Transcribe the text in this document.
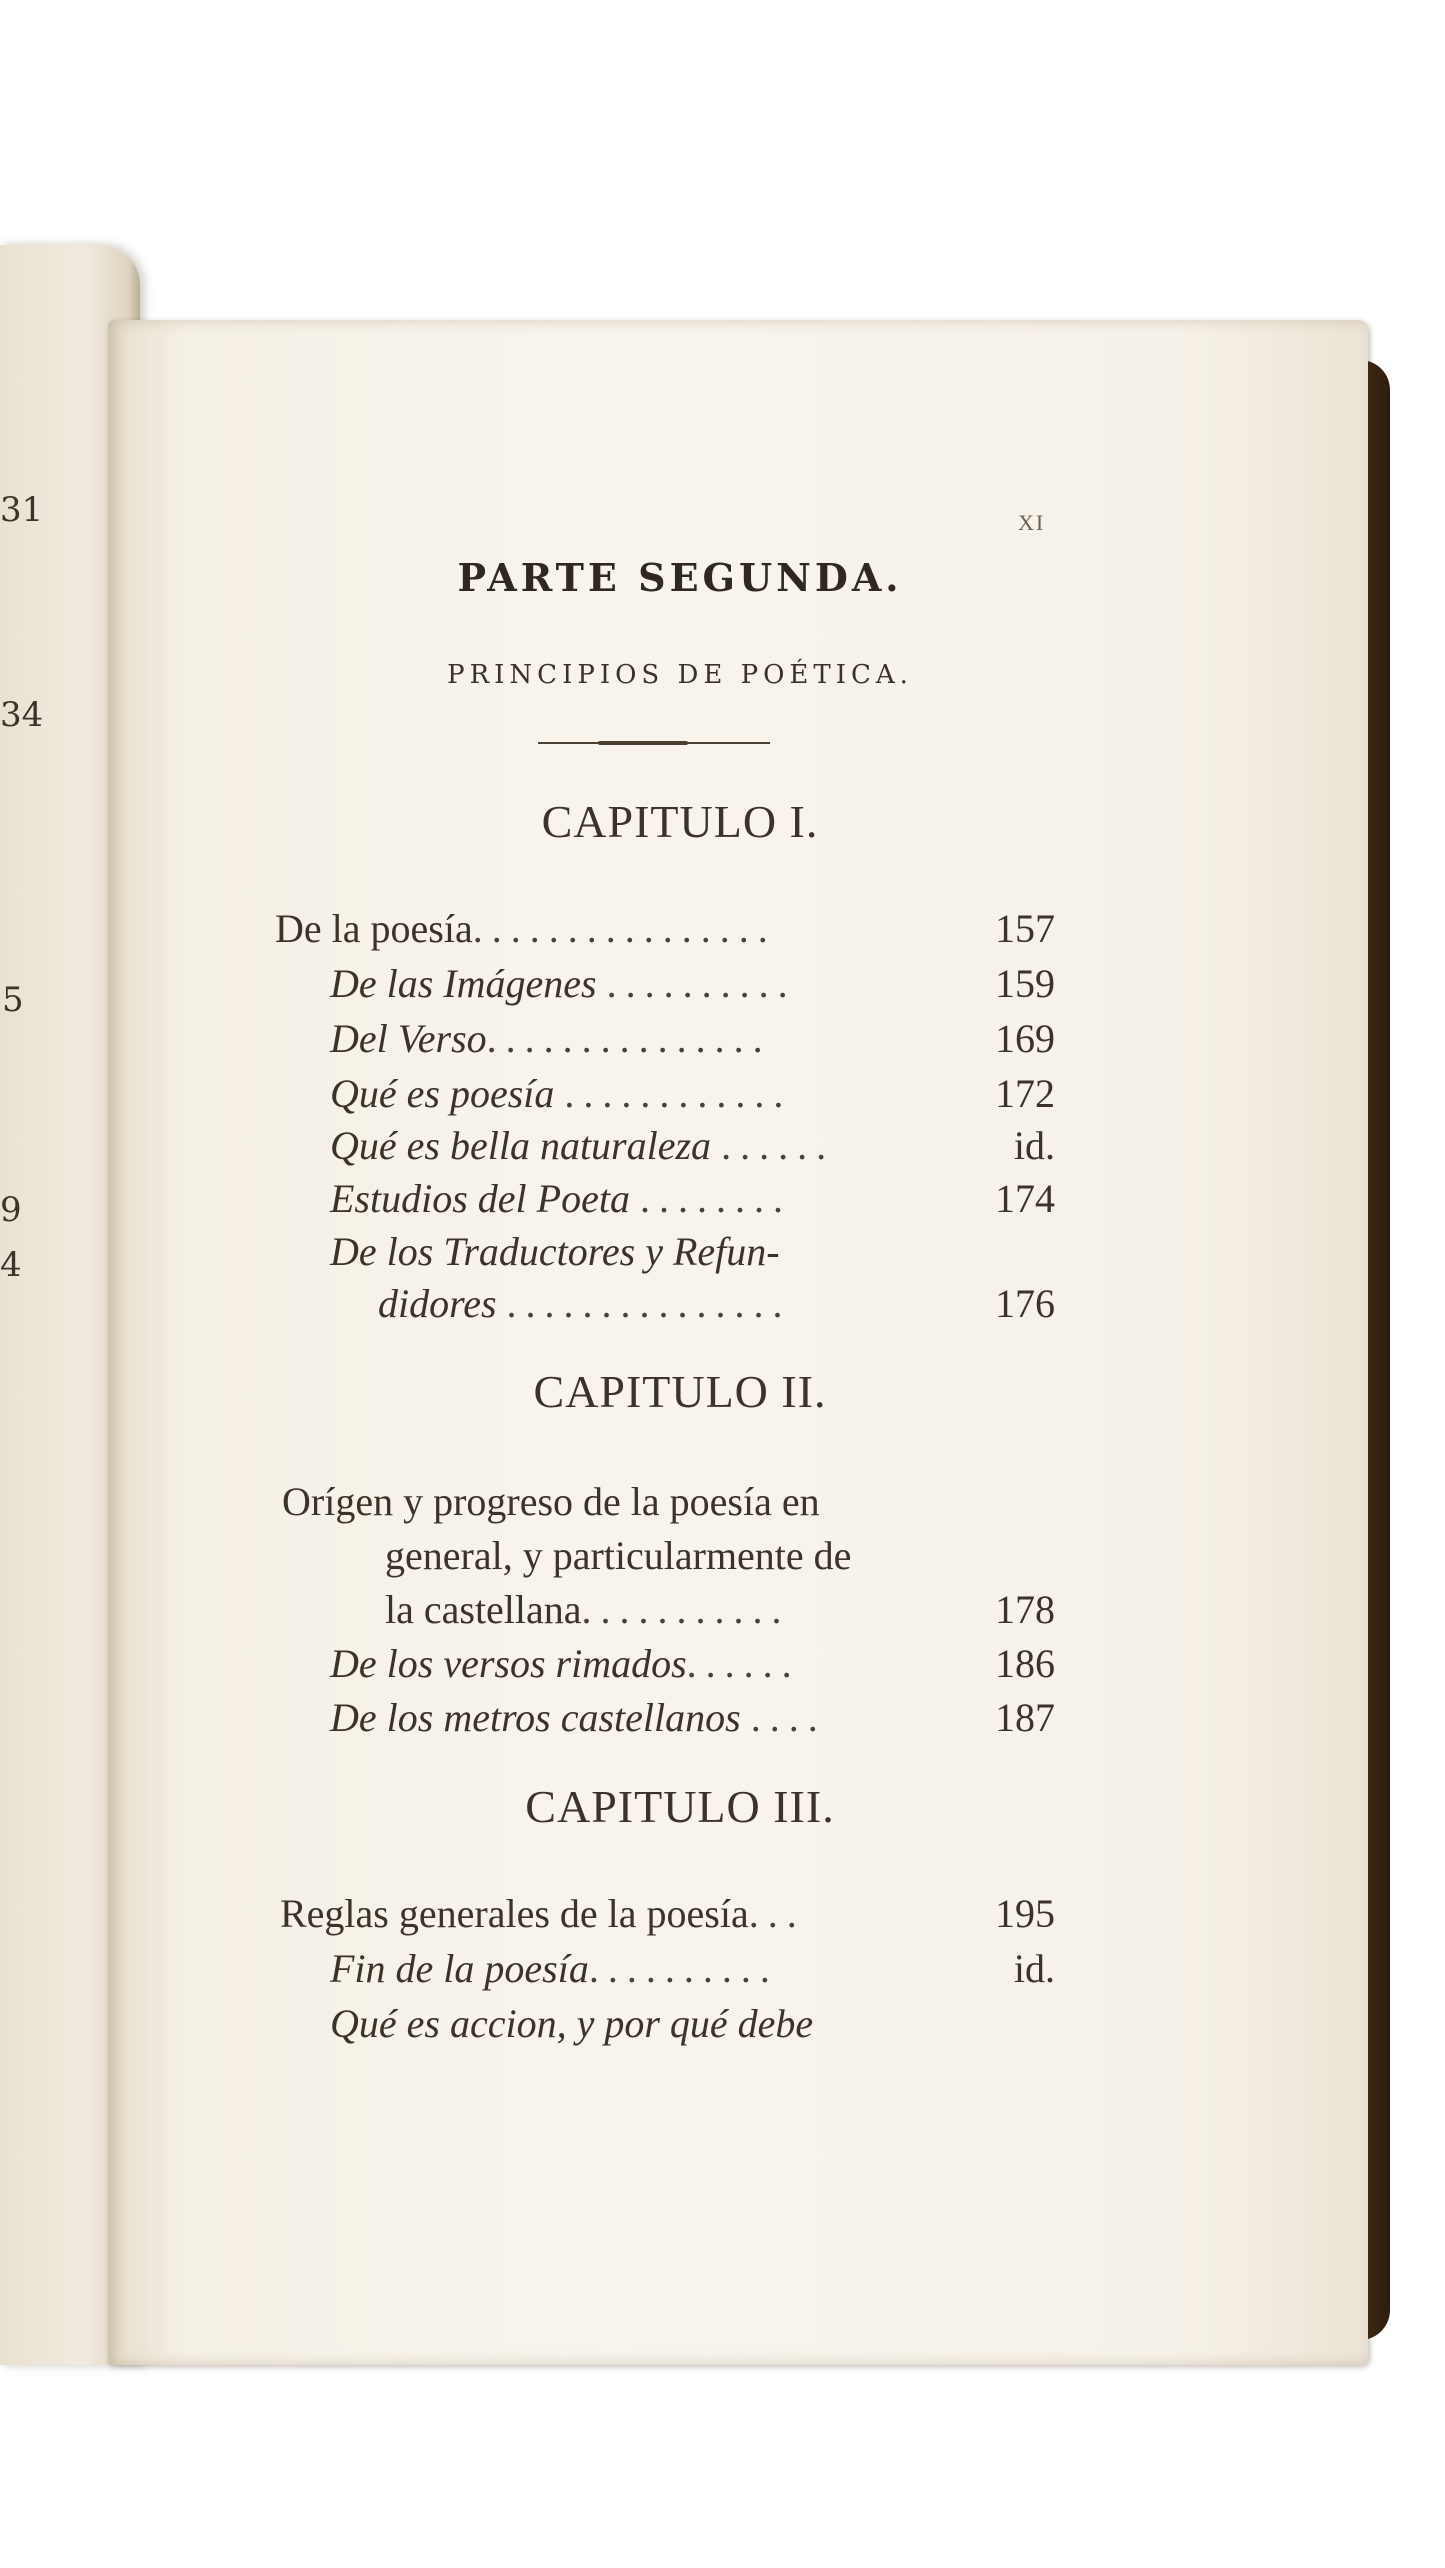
31
34
5
9
4
XI
PARTE SEGUNDA.
PRINCIPIOS DE POÉTICA.
CAPITULO I.
De la poesía................	157
De las Imágenes ..........	159
Del Verso...............	169
Qué es poesía ............	172
Qué es bella naturaleza ......	id.
Estudios del Poeta ........	174
De los Traductores y Refun-
didores ...............	176
CAPITULO II.
Orígen y progreso de la poesía en
general, y particularmente de
la castellana...........	178
De los versos rimados......	186
De los metros castellanos ....	187
CAPITULO III.
Reglas generales de la poesía...	195
Fin de la poesía..........	id.
Qué es accion, y por qué debe
